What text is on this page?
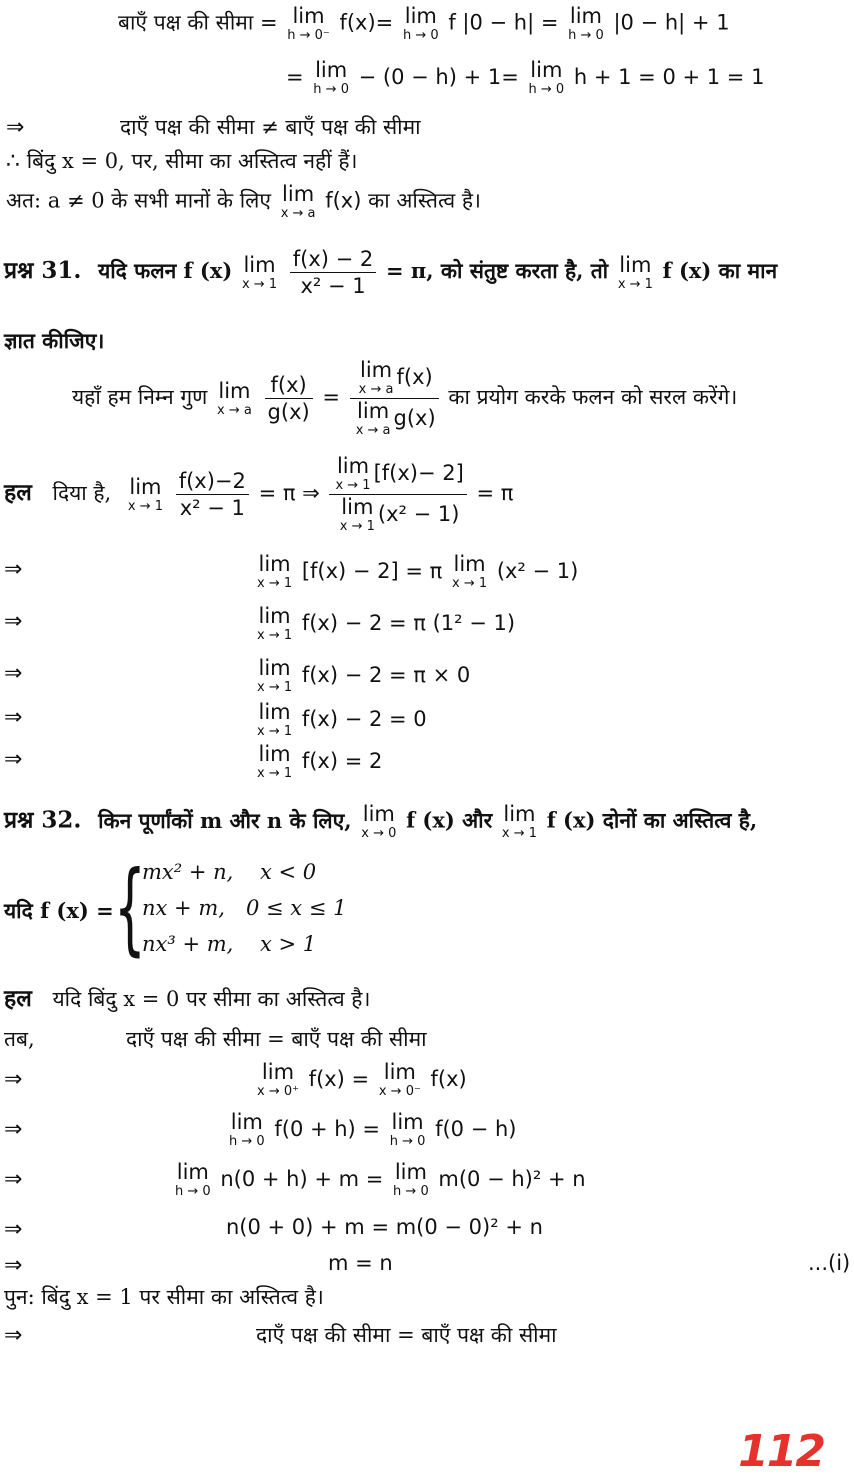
बाएँ पक्ष की सीमा = lim
h → 0⁻
f(x)= lim
h → 0
f |0 − h| = lim
h → 0
|0 − h| + 1
= lim
h → 0
− (0 − h) + 1= lim
h → 0
h + 1 = 0 + 1 = 1
⇒	दाएँ पक्ष की सीमा ≠ बाएँ पक्ष की सीमा
∴ बिंदु x = 0, पर, सीमा का अस्तित्व नहीं हैं।
अत: a ≠ 0 के सभी मानों के लिए lim
x → a
f(x) का अस्तित्व है।
प्रश्न 31. यदि फलन f (x) lim
x → 1
$\frac{f(x) - 2}{\text{x² − 1}} = \pi$, को संतुष्ट करता है, तो lim
x → 1
f (x) का मान
ज्ञात कीजिए।
यहाँ हम निम्न गुण lim
x → a
$\frac{f(x)}{g(x)} = \lim$
x → a
f(x)
lim
x → a
g(x) का प्रयोग करके फलन को सरल करेंगे।
हल दिया है, lim
x → 1
$\frac{f(x)-2}{\text{x² − 1}} = \pi$ ⇒ lim
x → 1
[f(x)− 2]
lim
x → 1
(x² − 1) = π
⇒	lim
x → 1
[f(x) − 2] = π lim
x → 1
(x² − 1)
⇒	lim
x → 1
f(x) − 2 = π (1² − 1)
⇒	lim
x → 1
f(x) − 2 = π × 0
⇒	lim
x → 1
f(x) − 2 = 0
⇒	lim
x → 1
f(x) = 2
प्रश्न 32. किन पूर्णांकों m और n के लिए, lim
x → 0
f (x) और lim
x → 1
f (x) दोनों का अस्तित्व है,
यदि f (x) = {
mx² + n, x < 0
nx + m, 0 ≤ x ≤ 1
nx³ + m, x > 1
हल यदि बिंदु x = 0 पर सीमा का अस्तित्व है।
तब,	दाएँ पक्ष की सीमा = बाएँ पक्ष की सीमा
⇒	lim
x → 0⁺
f(x) = lim
x → 0⁻
f(x)
⇒	lim
h → 0
f(0 + h) = lim
h → 0
f(0 − h)
⇒	lim
h → 0
n(0 + h) + m = lim
h → 0
m(0 − h)² + n
⇒	n(0 + 0) + m = m(0 − 0)² + n
⇒	m = n	...(i)
पुन: बिंदु x = 1 पर सीमा का अस्तित्व है।
⇒	दाएँ पक्ष की सीमा = बाएँ पक्ष की सीमा
112
